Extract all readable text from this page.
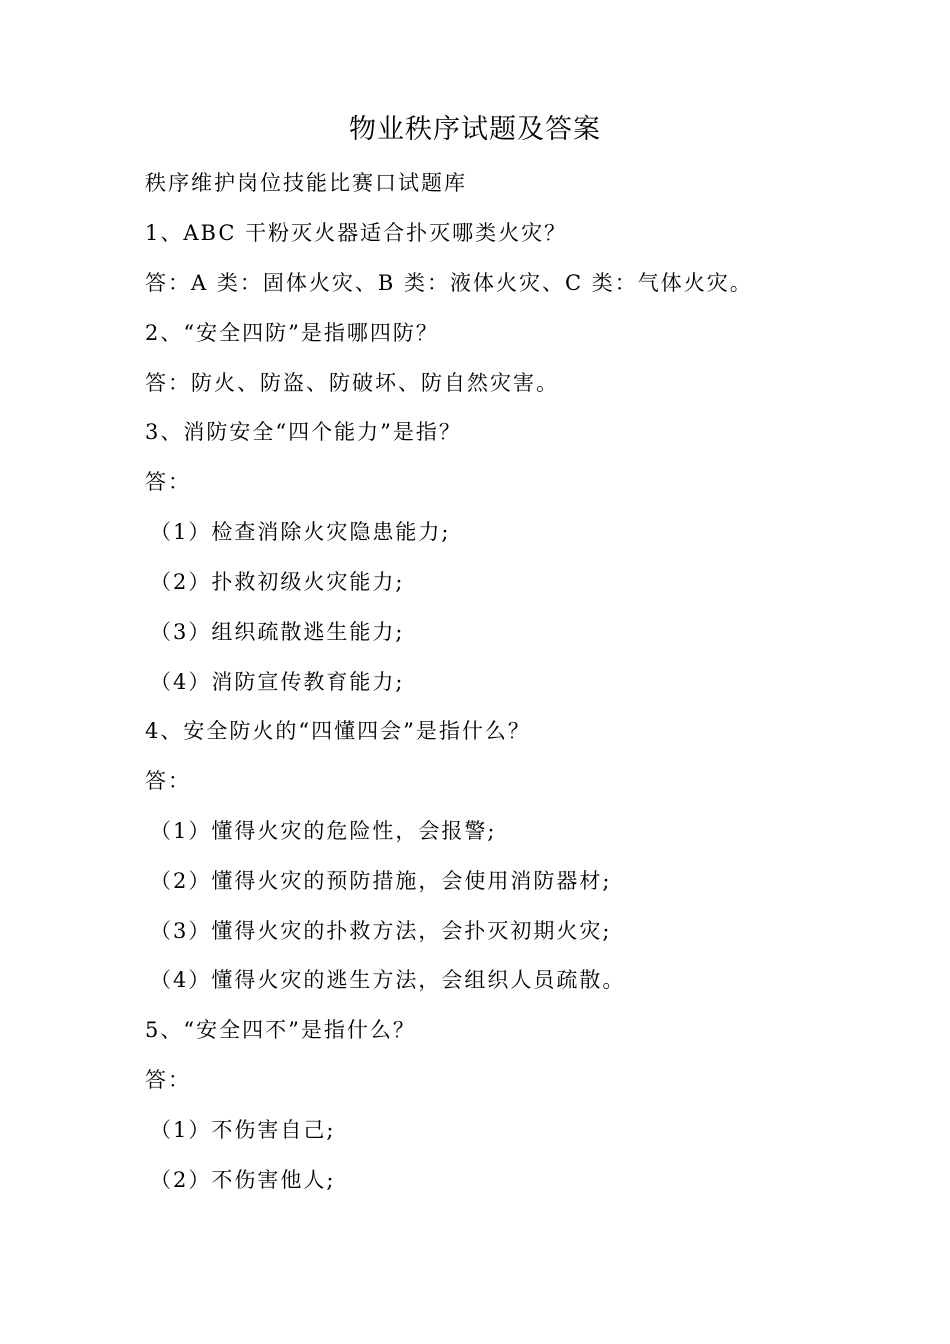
物业秩序试题及答案
秩序维护岗位技能比赛口试题库
1、ABC 干粉灭火器适合扑灭哪类火灾？
答：A 类：固体火灾、B 类：液体火灾、C 类：气体火灾。
2、“安全四防”是指哪四防？
答：防火、防盗、防破坏、防自然灾害。
3、消防安全“四个能力”是指？
答：
（1）检查消除火灾隐患能力;
（2）扑救初级火灾能力;
（3）组织疏散逃生能力;
（4）消防宣传教育能力;
4、安全防火的“四懂四会”是指什么？
答：
（1）懂得火灾的危险性，会报警;
（2）懂得火灾的预防措施，会使用消防器材;
（3）懂得火灾的扑救方法，会扑灭初期火灾;
（4）懂得火灾的逃生方法，会组织人员疏散。
5、“安全四不”是指什么？
答：
（1）不伤害自己;
（2）不伤害他人;
